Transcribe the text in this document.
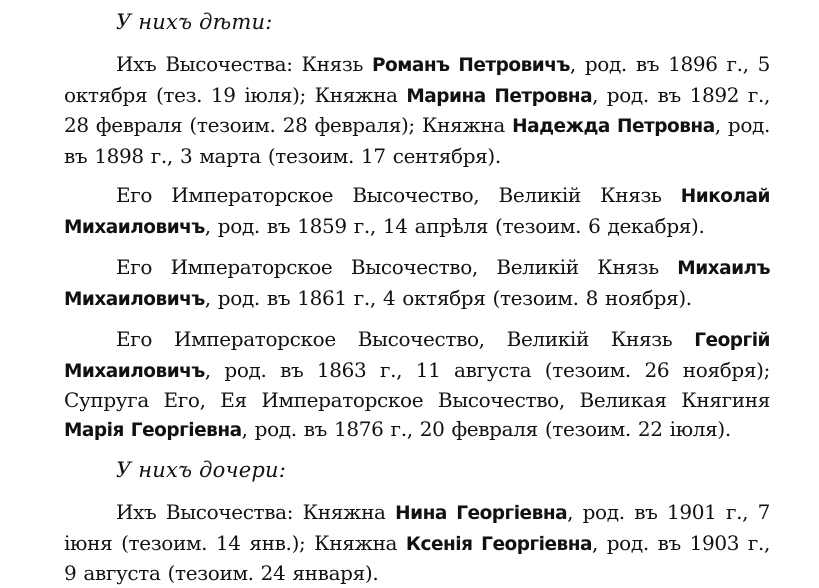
У нихъ дѣти:

Ихъ Высочества: Князь Романъ Петровичъ, род. въ 1896 г., 5 октября (тез. 19 іюля); Княжна Марина Петровна, род. въ 1892 г., 28 февраля (тезоим. 28 февраля); Княжна Надежда Петровна, род. въ 1898 г., 3 марта (тезоим. 17 сентября).

Его Императорское Высочество, Великій Князь Николай Михаиловичъ, род. въ 1859 г., 14 апрѣля (тезоим. 6 декабря).

Его Императорское Высочество, Великій Князь Михаилъ Михаиловичъ, род. въ 1861 г., 4 октября (тезоим. 8 ноября).

Его Императорское Высочество, Великій Князь Георгій Михаиловичъ, род. въ 1863 г., 11 августа (тезоим. 26 ноября); Супруга Его, Ея Императорское Высочество, Великая Княгиня Марія Георгіевна, род. въ 1876 г., 20 февраля (тезоим. 22 іюля).

У нихъ дочери:

Ихъ Высочества: Княжна Нина Георгіевна, род. въ 1901 г., 7 іюня (тезоим. 14 янв.); Княжна Ксенія Георгіевна, род. въ 1903 г., 9 августа (тезоим. 24 января).
